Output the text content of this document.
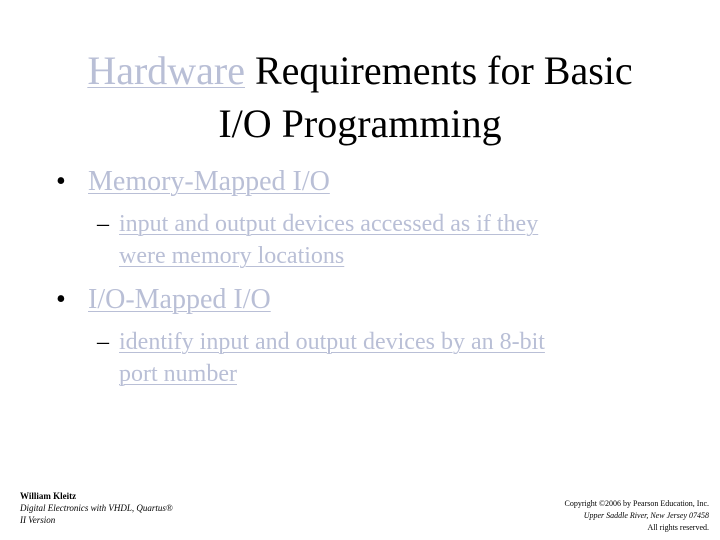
Hardware Requirements for Basic
I/O Programming
• Memory-Mapped I/O
– input and output devices accessed as if they
were memory locations
• I/O-Mapped I/O
– identify input and output devices by an 8-bit
port number
William Kleitz
Digital Electronics with VHDL, Quartus®
II Version
Copyright ©2006 by Pearson Education, Inc.
Upper Saddle River, New Jersey 07458
All rights reserved.
